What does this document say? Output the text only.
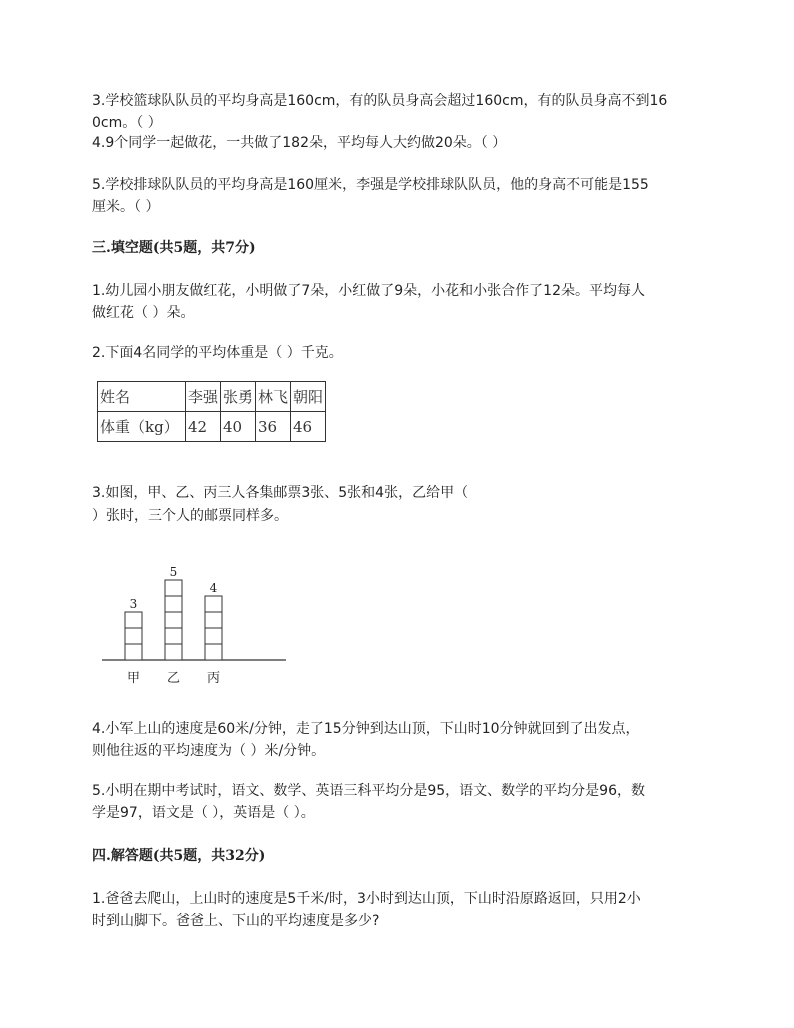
3.学校篮球队队员的平均身高是160cm，有的队员身高会超过160cm，有的队员身高不到16

0cm。（ ）

4.9个同学一起做花，一共做了182朵，平均每人大约做20朵。（ ）

5.学校排球队队员的平均身高是160厘米，李强是学校排球队队员，他的身高不可能是155

厘米。（ ）

三.填空题(共5题，共7分)

1.幼儿园小朋友做红花，小明做了7朵，小红做了9朵，小花和小张合作了12朵。平均每人

做红花（ ）朵。

2.下面4名同学的平均体重是（ ）千克。

姓名	李强	张勇	林飞	朝阳
体重（kg）	42	40	36	46

3.如图，甲、乙、丙三人各集邮票3张、5张和4张，乙给甲（

）张时，三个人的邮票同样多。

3
甲
5
乙
4
丙

4.小军上山的速度是60米/分钟，走了15分钟到达山顶，下山时10分钟就回到了出发点，

则他往返的平均速度为（ ）米/分钟。

5.小明在期中考试时，语文、数学、英语三科平均分是95，语文、数学的平均分是96，数

学是97，语文是（ ），英语是（ ）。

四.解答题(共5题，共32分)

1.爸爸去爬山，上山时的速度是5千米/时，3小时到达山顶，下山时沿原路返回，只用2小

时到山脚下。爸爸上、下山的平均速度是多少?
